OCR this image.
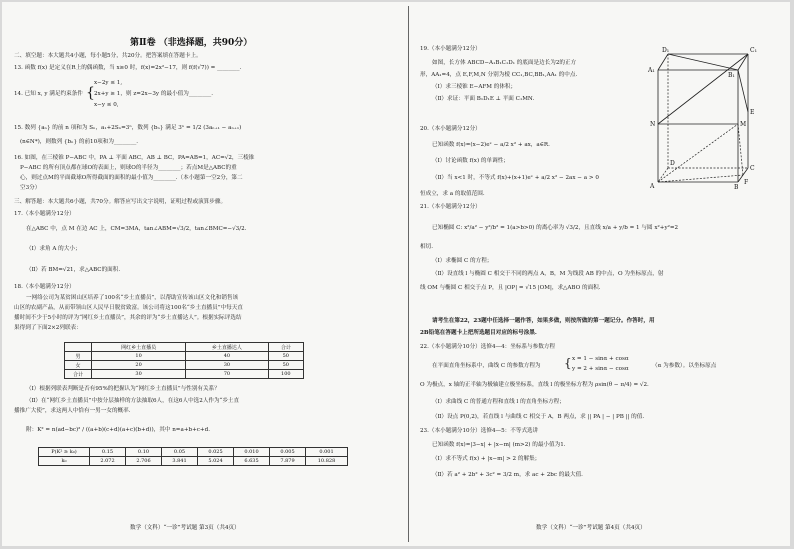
第Ⅱ卷 （非选择题，共90分）
二、填空题：本大题共4小题，每小题5分，共20分。把答案填在答题卡上。
13. 函数 f(x) 是定义在R上的偶函数，当 x≥0 时，f(x)=2x²−17，则 f(f(√7)) = ________.
14. 已知 x, y 满足约束条件 {
x−2y ≤ 1,
2x+y ≥ 1，则 z=2x−3y 的最小值为________.
x−y ≤ 0,
15. 数列 {aₙ} 的前 n 项和为 Sₙ，a₁+2Sₙ=3ⁿ，数列 {bₙ} 满足 3ⁿ = 1/2 (3aₙ₊₁ − aₙ₊₁)
(n∈N*)，则数列 {bₙ} 的前10项和为________.
16. 如图，在三棱锥 P−ABC 中，PA ⊥ 平面 ABC，AB ⊥ BC，PA=AB=1，AC=√2，三棱锥
P−ABC 的所有顶点都在球O的表面上，则球O的半径为________；若点M是△ABC的重
心，则过点M的平面截球O所得截面的面积的最小值为________.（本小题第一空2分，第二
空3分）
三、解答题：本大题共6小题，共70分。解答应写出文字说明，证明过程或演算步骤。
17.（本小题满分12分）
在△ABC 中，点 M 在边 AC 上，CM=3MA，tan∠ABM=√3/2，tan∠BMC=−√3/2.
（Ⅰ）求角 A 的大小；
（Ⅱ）若 BM=√21，求△ABC的面积.
18.（本小题满分12分）
一网络公司为某贫困山区培养了100名“乡土直播员”，以帮助宣传该山区文化和销售该
山区的农副产品，从而带领山区人民早日脱贫致富。该公司将这100名“乡土直播员”中每天直
播时间不少于5小时的评为“网红乡土直播员”，其余的评为“乡土直播达人”。根据实际评选结
果得到了下面2×2列联表：
	网红乡土直播员	乡土直播达人	合计
男	10	40	50
女	20	30	50
合计	30	70	100
（Ⅰ）根据列联表判断是否有95%的把握认为“网红乡土直播员”与性别有关系？
（Ⅱ）在“网红乡土直播员”中按分层抽样的方法抽取6人，在这6人中选2人作为“乡土直
播推广大使”，求这两人中恰有一男一女的概率.
附：K² = n(ad−bc)² / ((a+b)(c+d)(a+c)(b+d))，其中 n=a+b+c+d.
P(K² ≥ k₀)	0.15	0.10	0.05	0.025	0.010	0.005	0.001
k₀	2.072	2.706	3.841	5.024	6.635	7.879	10.828
数学（文科）“一诊”考试题 第3页（共4页）
19.（本小题满分12分）
如图，长方体 ABCD−A₁B₁C₁D₁ 的底面是边长为2的正方
形，AA₁=4，点 E,F,M,N 分别为棱 CC₁,BC,BB₁,AA₁ 的中点.
（Ⅰ）求三棱锥 E−AFM 的体积；
（Ⅱ）求证：平面 B₁D₁E ⊥ 平面 C₁MN.
D₁	C₁
A₁
B₁
N	M
E
F
D
C
A	B
20.（本小题满分12分）
已知函数 f(x)=(x−2)eˣ − a/2 x² + ax，a∈R.
（Ⅰ）讨论函数 f(x) 的单调性；
（Ⅱ）当 x<1 时，不等式 f(x)+(x+1)eˣ + a/2 x² − 2ax − a > 0
恒成立，求 a 的取值范围.
21.（本小题满分12分）
已知椭圆 C: x²/a² − y²/b² = 1(a>b>0) 的离心率为 √3/2，且直线 x/a + y/b = 1 与圆 x²+y²=2
相切.
（Ⅰ）求椭圆 C 的方程；
（Ⅱ）设直线 l 与椭圆 C 相交于不同的两点 A，B，M 为线段 AB 的中点，O 为坐标原点，射
线 OM 与椭圆 C 相交于点 P，且 |OP| = √15 |OM|，求△ABO 的面积.
请考生在第22，23题中任选择一题作答，如果多做，则按所做的第一题记分。作答时，用
2B铅笔在答题卡上把所选题目对应的标号涂黑.
22.（本小题满分10分）选修4—4：坐标系与参数方程
在平面直角坐标系中，曲线 C 的参数方程为 { x = 1 − sinα + cosα
y = 2 + sinα − cosα	（α 为参数）。以坐标原点
O 为极点，x 轴的正半轴为极轴建立极坐标系，直线 l 的极坐标方程为 ρsin(θ − π/4) = √2.
（Ⅰ）求曲线 C 的普通方程和直线 l 的直角坐标方程；
（Ⅱ）设点 P(0,2)，若直线 l 与曲线 C 相交于 A，B 两点，求 || PA | − | PB || 的值.
23.（本小题满分10分）选修4—5：不等式选讲
已知函数 f(x)=|3−x| + |x−m| (m>2) 的最小值为1.
（Ⅰ）求不等式 f(x) + |x−m| > 2 的解集；
（Ⅱ）若 a² + 2b² + 3c² = 3/2 m，求 ac + 2bc 的最大值.
数学（文科）“一诊”考试题 第4页（共4页）
